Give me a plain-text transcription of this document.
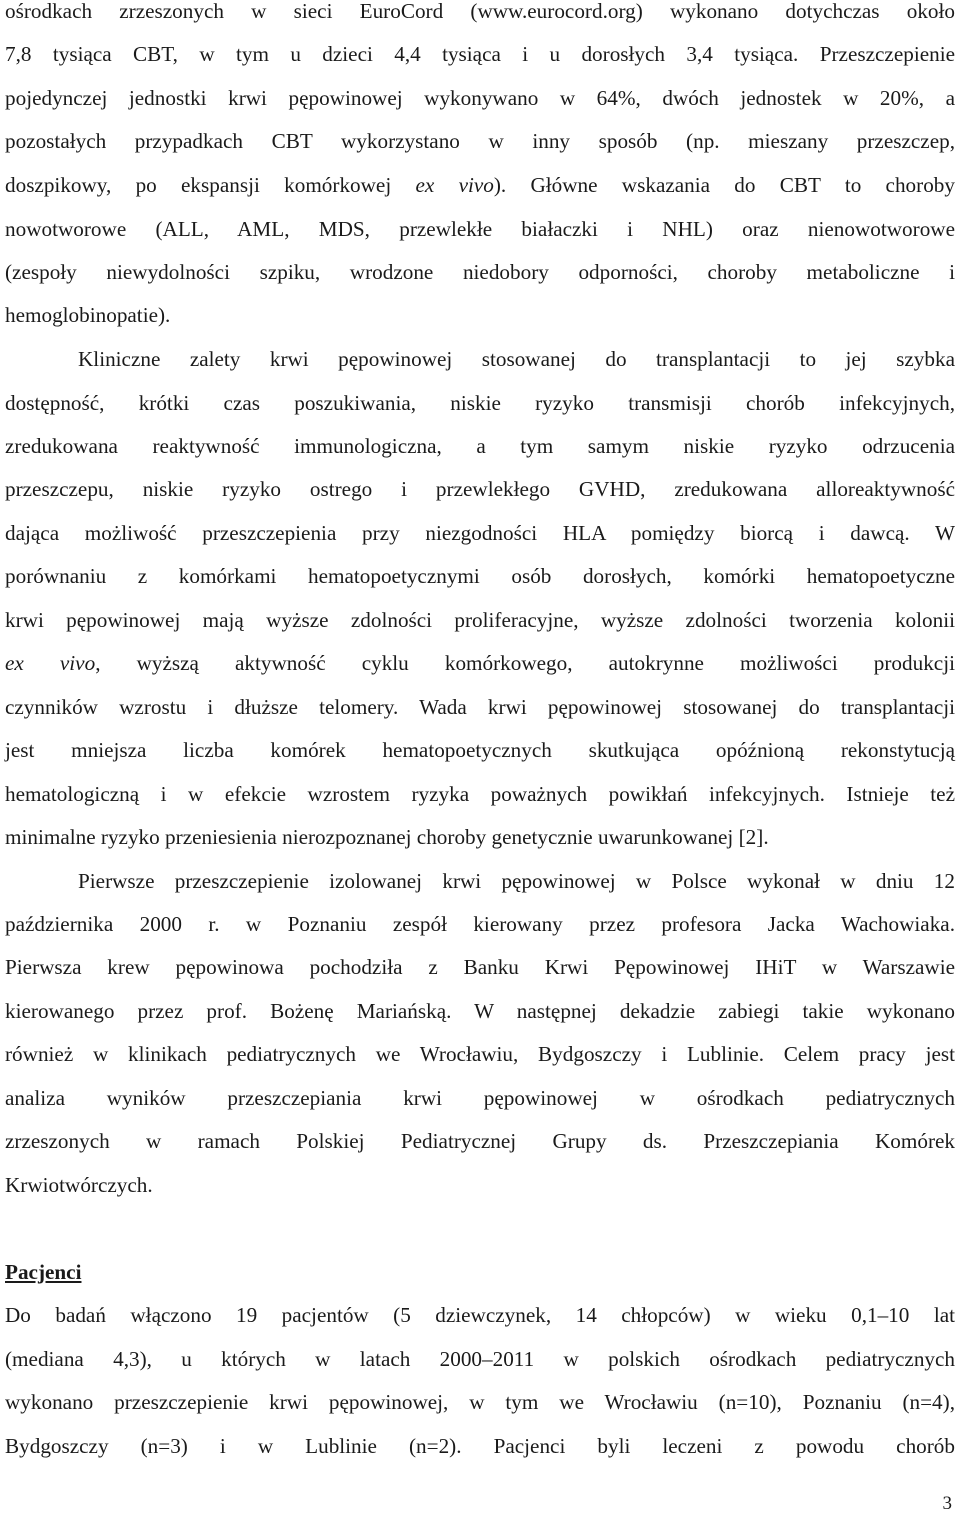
ośrodkach zrzeszonych w sieci EuroCord (www.eurocord.org) wykonano dotychczas około
7,8 tysiąca CBT, w tym u dzieci 4,4 tysiąca i u dorosłych 3,4 tysiąca. Przeszczepienie
pojedynczej jednostki krwi pępowinowej wykonywano w 64%, dwóch jednostek w 20%, a
pozostałych przypadkach CBT wykorzystano w inny sposób (np. mieszany przeszczep,
doszpikowy, po ekspansji komórkowej ex vivo). Główne wskazania do CBT to choroby
nowotworowe (ALL, AML, MDS, przewlekłe białaczki i NHL) oraz nienowotworowe
(zespoły niewydolności szpiku, wrodzone niedobory odporności, choroby metaboliczne i
hemoglobinopatie).
Kliniczne zalety krwi pępowinowej stosowanej do transplantacji to jej szybka
dostępność, krótki czas poszukiwania, niskie ryzyko transmisji chorób infekcyjnych,
zredukowana reaktywność immunologiczna, a tym samym niskie ryzyko odrzucenia
przeszczepu, niskie ryzyko ostrego i przewlekłego GVHD, zredukowana alloreaktywność
dająca możliwość przeszczepienia przy niezgodności HLA pomiędzy biorcą i dawcą. W
porównaniu z komórkami hematopoetycznymi osób dorosłych, komórki hematopoetyczne
krwi pępowinowej mają wyższe zdolności proliferacyjne, wyższe zdolności tworzenia kolonii
ex vivo, wyższą aktywność cyklu komórkowego, autokrynne możliwości produkcji
czynników wzrostu i dłuższe telomery. Wada krwi pępowinowej stosowanej do transplantacji
jest mniejsza liczba komórek hematopoetycznych skutkująca opóźnioną rekonstytucją
hematologiczną i w efekcie wzrostem ryzyka poważnych powikłań infekcyjnych. Istnieje też
minimalne ryzyko przeniesienia nierozpoznanej choroby genetycznie uwarunkowanej [2].
Pierwsze przeszczepienie izolowanej krwi pępowinowej w Polsce wykonał w dniu 12
października 2000 r. w Poznaniu zespół kierowany przez profesora Jacka Wachowiaka.
Pierwsza krew pępowinowa pochodziła z Banku Krwi Pępowinowej IHiT w Warszawie
kierowanego przez prof. Bożenę Mariańską. W następnej dekadzie zabiegi takie wykonano
również w klinikach pediatrycznych we Wrocławiu, Bydgoszczy i Lublinie. Celem pracy jest
analiza wyników przeszczepiania krwi pępowinowej w ośrodkach pediatrycznych
zrzeszonych w ramach Polskiej Pediatrycznej Grupy ds. Przeszczepiania Komórek
Krwiotwórczych.
Pacjenci
Do badań włączono 19 pacjentów (5 dziewczynek, 14 chłopców) w wieku 0,1–10 lat
(mediana 4,3), u których w latach 2000–2011 w polskich ośrodkach pediatrycznych
wykonano przeszczepienie krwi pępowinowej, w tym we Wrocławiu (n=10), Poznaniu (n=4),
Bydgoszczy (n=3) i w Lublinie (n=2). Pacjenci byli leczeni z powodu chorób
3
